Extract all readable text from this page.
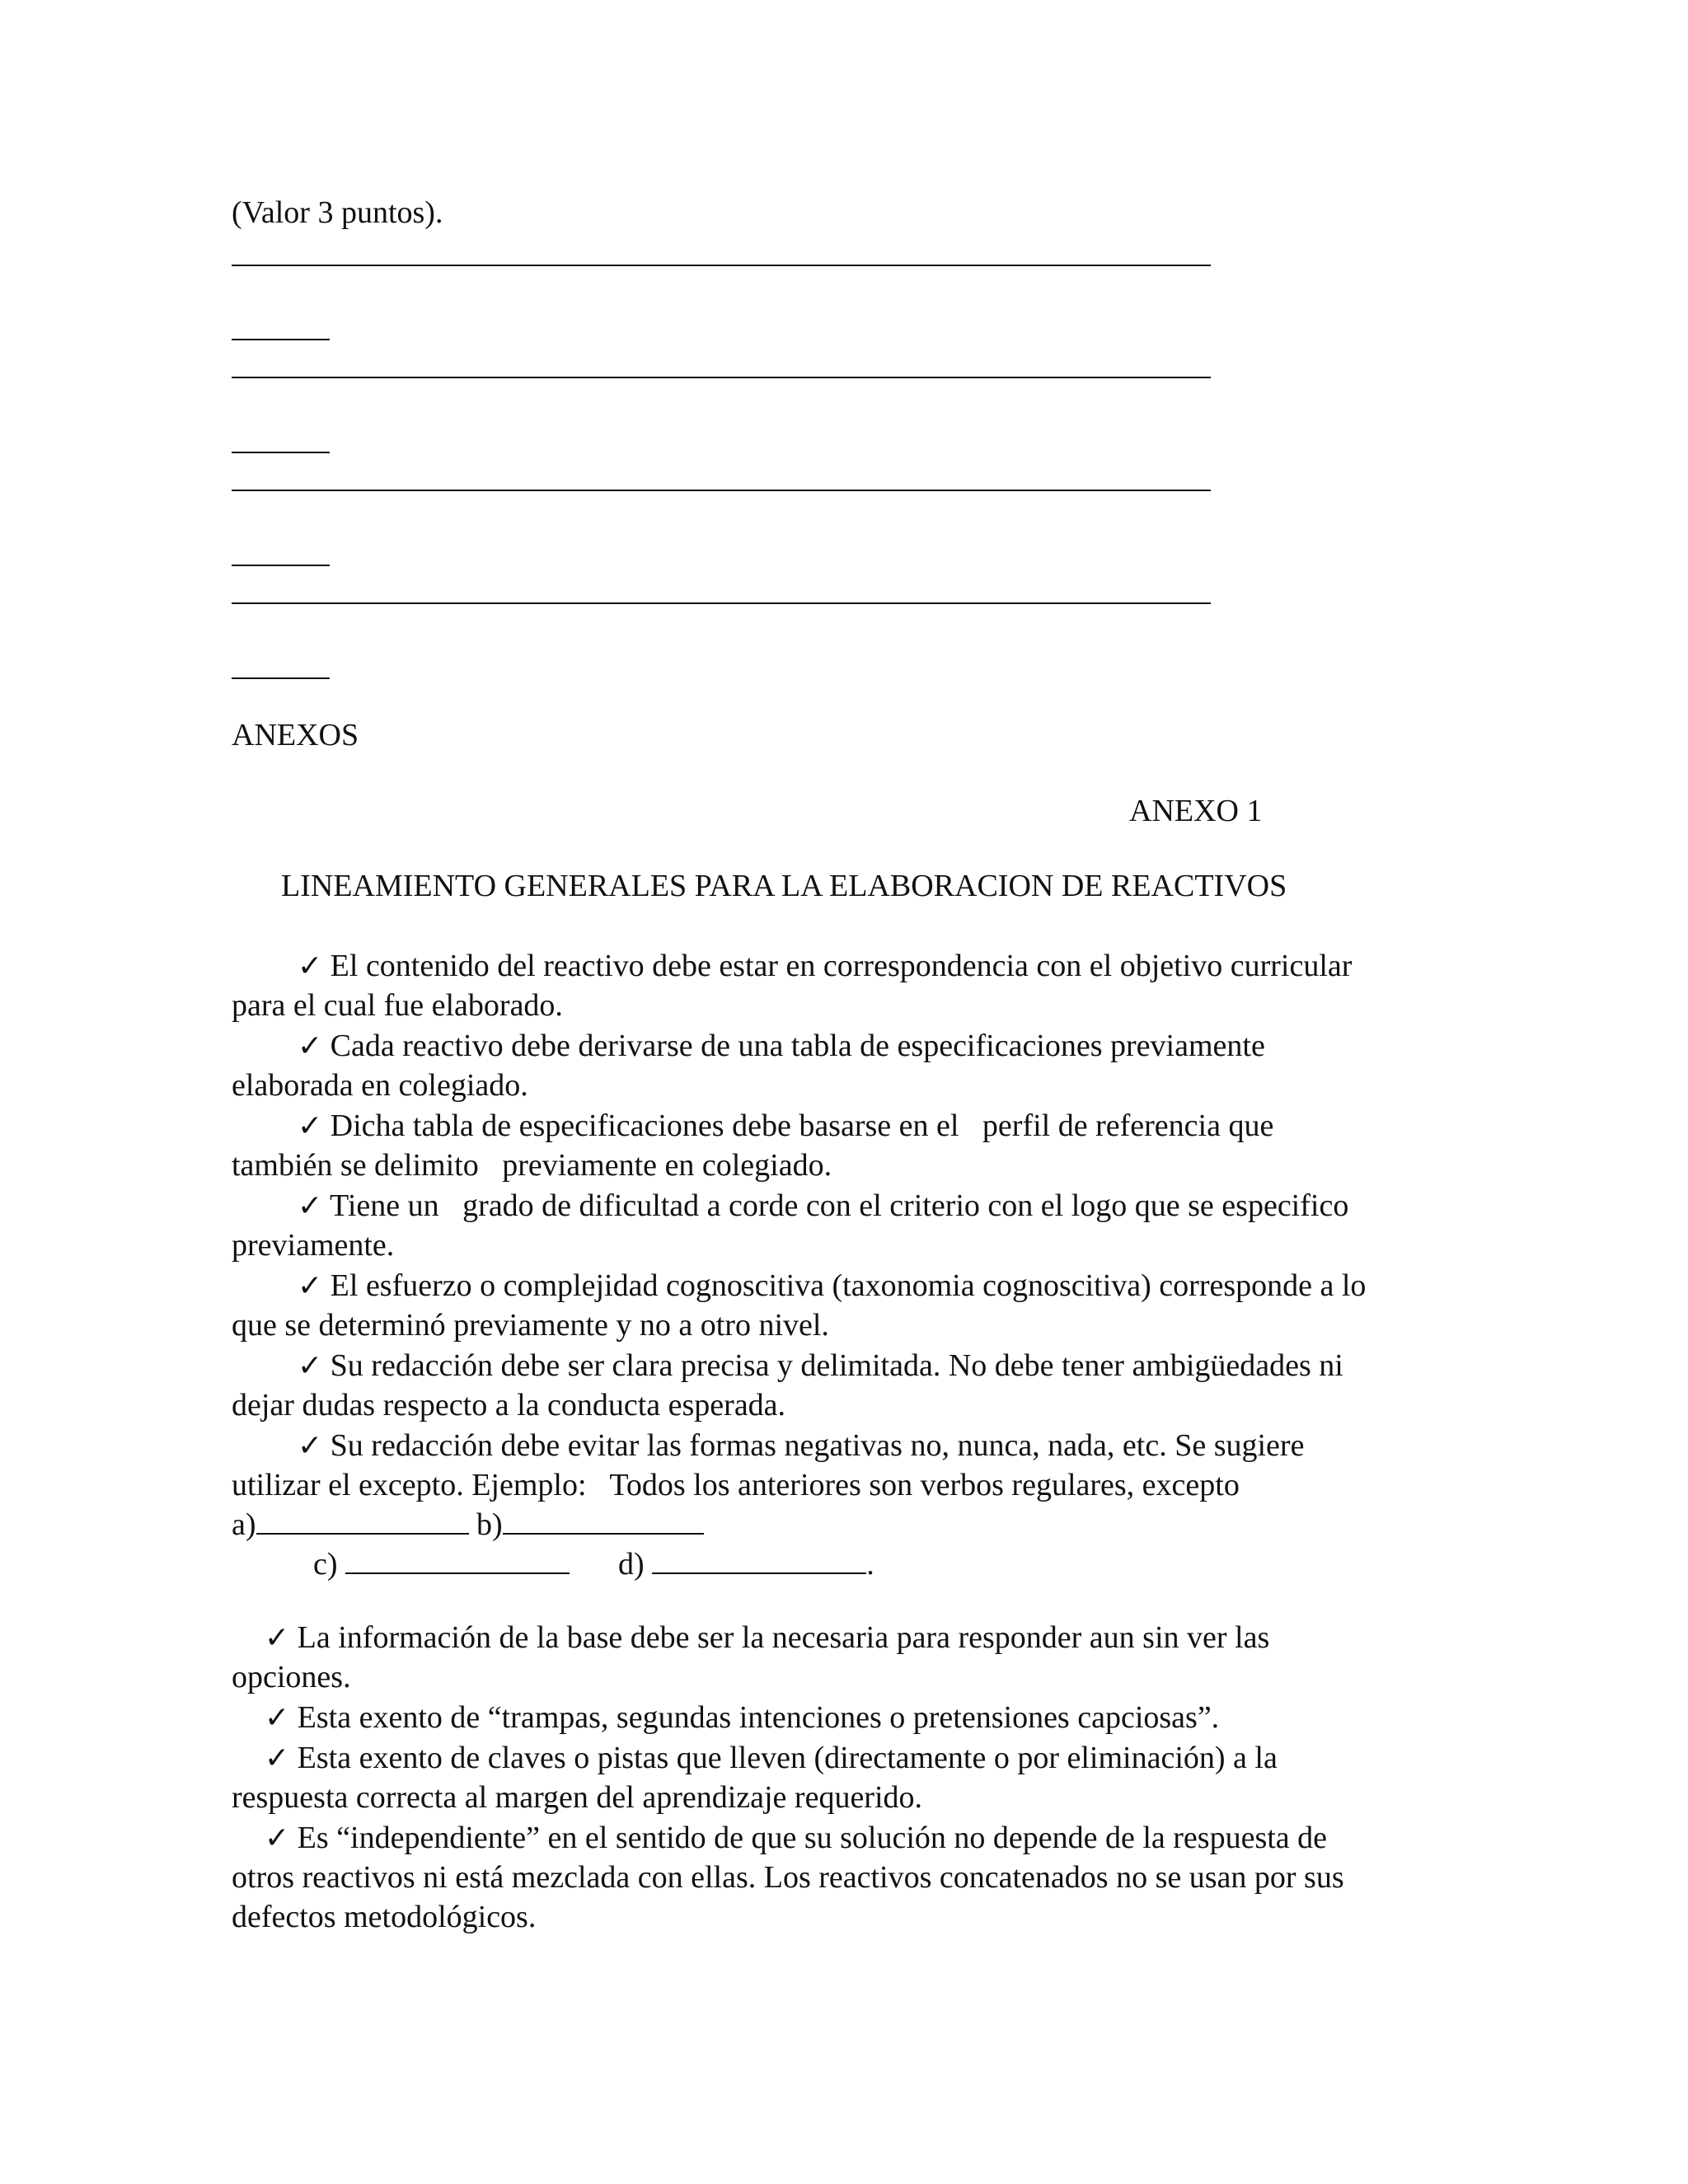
(Valor 3 puntos).
ANEXOS
ANEXO 1
LINEAMIENTO GENERALES PARA LA ELABORACION DE REACTIVOS
✓ El contenido del reactivo debe estar en correspondencia con el objetivo curricular
para el cual fue elaborado.
✓ Cada reactivo debe derivarse de una tabla de especificaciones previamente
elaborada en colegiado.
✓ Dicha tabla de especificaciones debe basarse en el   perfil de referencia que
también se delimito   previamente en colegiado.
✓ Tiene un   grado de dificultad a corde con el criterio con el logo que se especifico
previamente.
✓ El esfuerzo o complejidad cognoscitiva (taxonomia cognoscitiva) corresponde a lo
que se determinó previamente y no a otro nivel.
✓ Su redacción debe ser clara precisa y delimitada. No debe tener ambigüedades ni
dejar dudas respecto a la conducta esperada.
✓ Su redacción debe evitar las formas negativas no, nunca, nada, etc. Se sugiere
utilizar el excepto. Ejemplo:   Todos los anteriores son verbos regulares, excepto
a)	b)
c)	d)	.
✓ La información de la base debe ser la necesaria para responder aun sin ver las
opciones.
✓ Esta exento de “trampas, segundas intenciones o pretensiones capciosas”.
✓ Esta exento de claves o pistas que lleven (directamente o por eliminación) a la
respuesta correcta al margen del aprendizaje requerido.
✓ Es “independiente” en el sentido de que su solución no depende de la respuesta de
otros reactivos ni está mezclada con ellas. Los reactivos concatenados no se usan por sus
defectos metodológicos.
